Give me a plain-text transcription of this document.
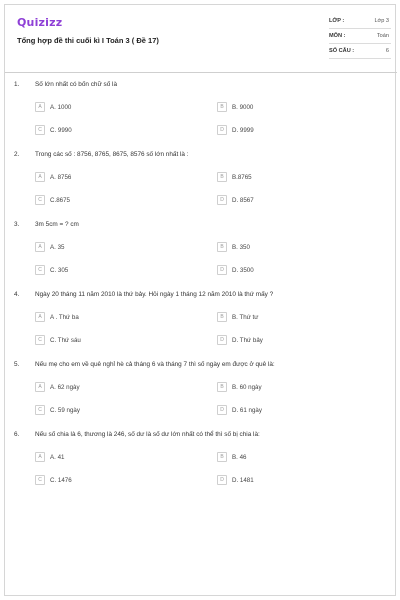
Quizizz
Tổng hợp đề thi cuối kì I Toán 3 ( Đề 17)
LỚP :	Lớp 3
MÔN :	Toán
SỐ CÂU :	6
1. Số lớn nhất có bốn chữ số là
A	A. 1000	B	B. 9000
C	C. 9990	D	D. 9999
2. Trong các số : 8756, 8765, 8675, 8576 số lớn nhất là :
A	A. 8756	B	B.8765
C	C.8675	D	D. 8567
3. 3m 5cm = ? cm
A	A. 35	B	B. 350
C	C. 305	D	D. 3500
4. Ngày 20 tháng 11 năm 2010 là thứ bảy. Hỏi ngày 1 tháng 12 năm 2010 là thứ mấy ?
A	A . Thứ ba	B	B. Thứ tư
C	C. Thứ sáu	D	D. Thứ bảy
5. Nếu mẹ cho em về quê nghỉ hè cả tháng 6 và tháng 7 thì số ngày em được ở quê là:
A	A. 62 ngày	B	B. 60 ngày
C	C. 59 ngày	D	D. 61 ngày
6. Nếu số chia là 6, thương là 246, số dư là số dư lớn nhất có thể thì số bị chia là:
A	A. 41	B	B. 46
C	C. 1476	D	D. 1481
